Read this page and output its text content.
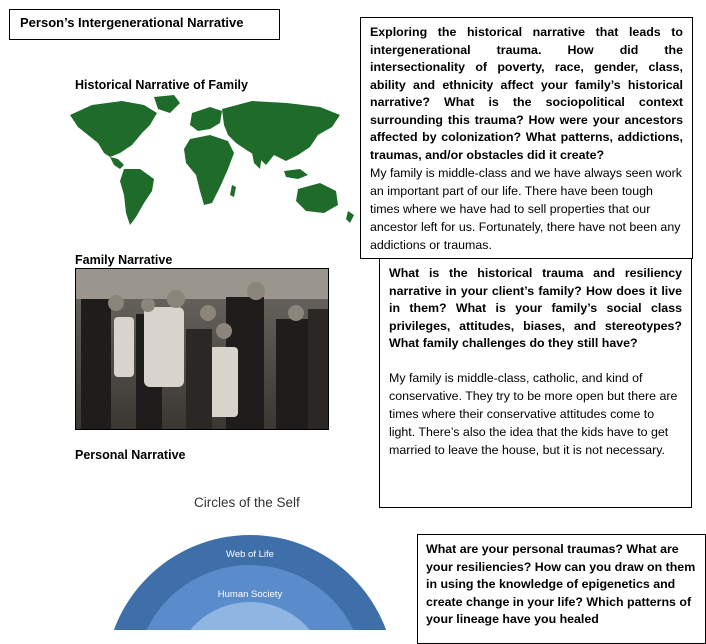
Person’s Intergenerational Narrative
Historical Narrative of Family

Exploring the historical narrative that leads to intergenerational trauma. How did the intersectionality of poverty, race, gender, class, ability and ethnicity affect your family’s historical narrative? What is the sociopolitical context surrounding this trauma? How were your ancestors affected by colonization? What patterns, addictions, traumas, and/or obstacles did it create?

My family is middle-class and we have always seen work an important part of our life. There have been tough times where we have had to sell properties that our ancestor left for us. Fortunately, there have not been any addictions or traumas.

Family Narrative

What is the historical trauma and resiliency narrative in your client’s family? How does it live in them? What is your family’s social class privileges, attitudes, biases, and stereotypes? What family challenges do they still have?

My family is middle-class, catholic, and kind of conservative. They try to be more open but there are times where their conservative attitudes come to light. There’s also the idea that the kids have to get married to leave the house, but it is not necessary.

Personal Narrative
Circles of the Self
Web of Life
Human Society

What are your personal traumas? What are your resiliencies? How can you draw on them in using the knowledge of epigenetics and create change in your life? Which patterns of your lineage have you healed
